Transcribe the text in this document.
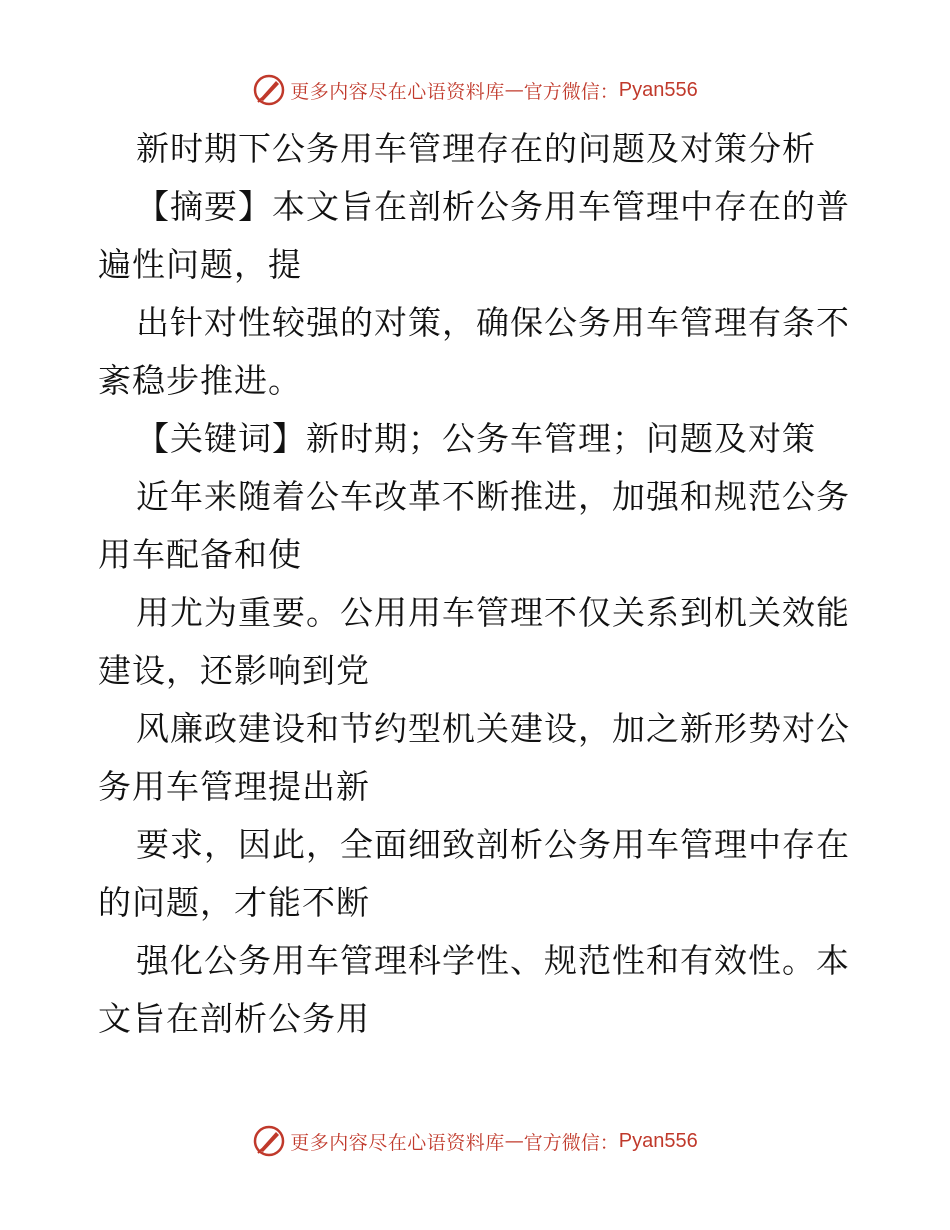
更多内容尽在心语资料库 — 官方微信： Pyan556
新时期下公务用车管理存在的问题及对策分析
【摘要】本文旨在剖析公务用车管理中存在的普
遍性问题，提
出针对性较强的对策，确保公务用车管理有条不
紊稳步推进。
【关键词】新时期；公务车管理；问题及对策
近年来随着公车改革不断推进，加强和规范公务
用车配备和使
用尤为重要。公用用车管理不仅关系到机关效能
建设，还影响到党
风廉政建设和节约型机关建设，加之新形势对公
务用车管理提出新
要求，因此，全面细致剖析公务用车管理中存在
的问题，才能不断
强化公务用车管理科学性、规范性和有效性。本
文旨在剖析公务用
更多内容尽在心语资料库 — 官方微信： Pyan556
